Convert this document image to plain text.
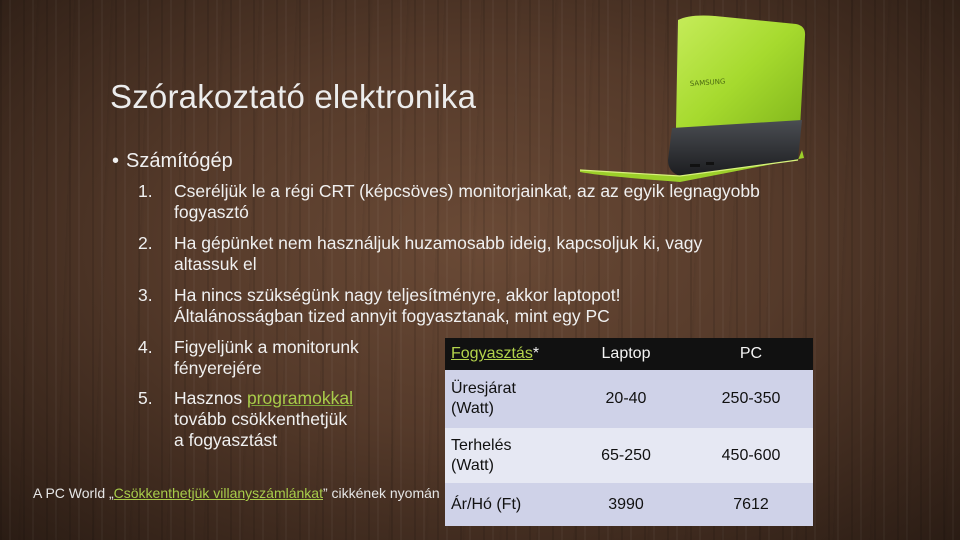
Szórakoztató elektronika	SAMSUNG
• Számítógép
1.	Cseréljük le a régi CRT (képcsöves) monitorjainkat, az az egyik legnagyobb
fogyasztó
2.	Ha gépünket nem használjuk huzamosabb ideig, kapcsoljuk ki, vagy
altassuk el
3.	Ha nincs szükségünk nagy teljesítményre, akkor laptopot!
Általánosságban tized annyit fogyasztanak, mint egy PC
4.	Figyeljünk a monitorunk
fényerejére
5.	Hasznos programokkal
tovább csökkenthetjük
a fogyasztást
A PC World „Csökkenthetjük villanyszámlánkat” cikkének nyomán
Fogyasztás*	Laptop	PC
Üresjárat (Watt)	20-40	250-350
Terhelés (Watt)	65-250	450-600
Ár/Hó (Ft)	3990	7612
